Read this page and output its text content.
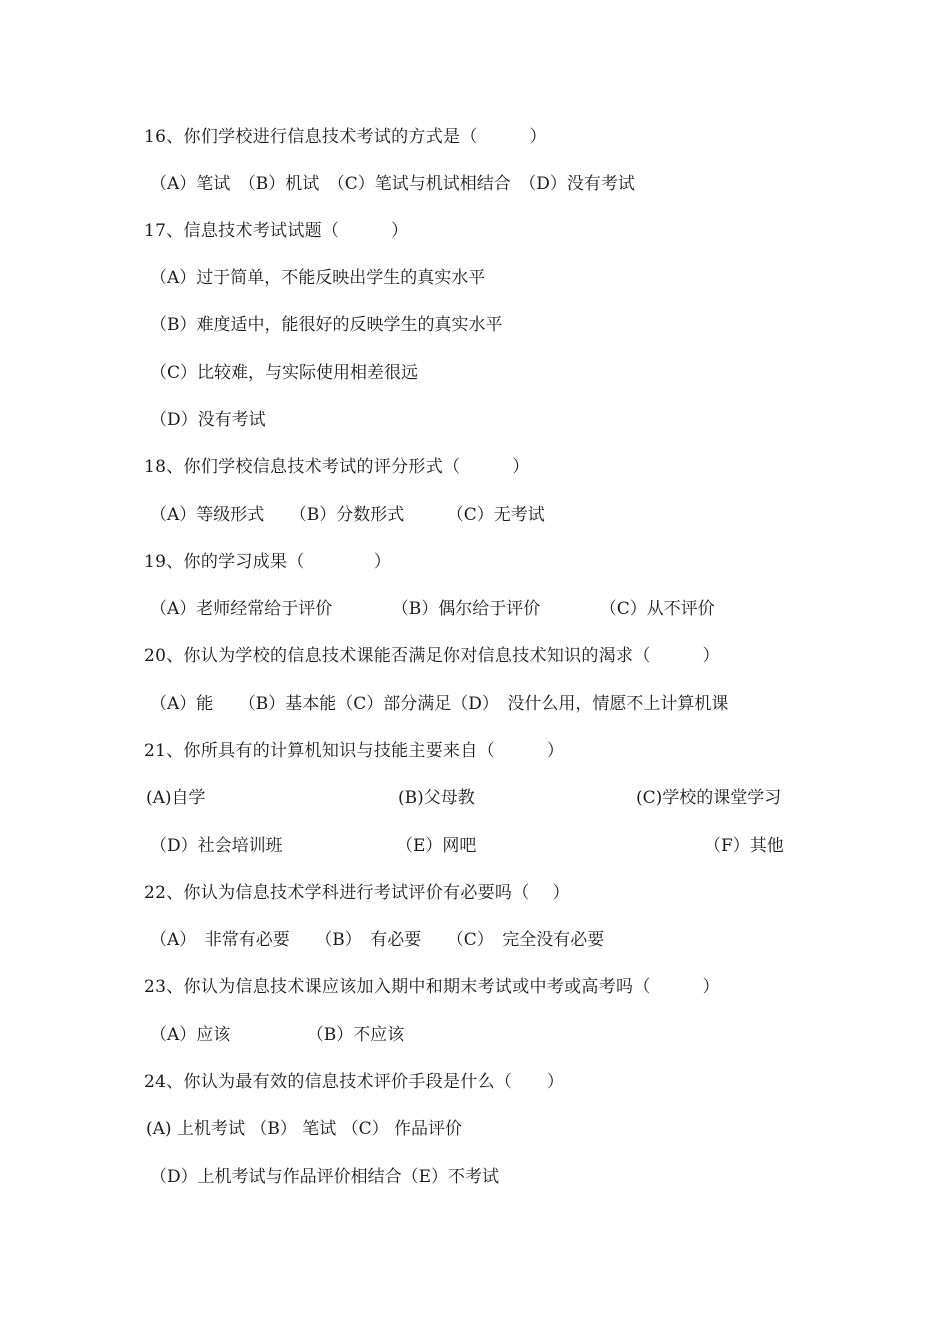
16、你们学校进行信息技术考试的方式是（　　　）
（A）笔试　（B）机试　（C）笔试与机试相结合　（D）没有考试
17、信息技术考试试题（　　　）
（A）过于简单，不能反映出学生的真实水平
（B）难度适中，能很好的反映学生的真实水平
（C）比较难，与实际使用相差很远
（D）没有考试
18、你们学校信息技术考试的评分形式（　　　）
（A）等级形式　　（B）分数形式　　　（C）无考试
19、你的学习成果（　　　　）
（A）老师经常给于评价　　　　（B）偶尔给于评价　　　　（C）从不评价
20、你认为学校的信息技术课能否满足你对信息技术知识的渴求（　　　）
（A）能　　（B）基本能（C）部分满足（D）　没什么用，情愿不上计算机课
21、你所具有的计算机知识与技能主要来自（　　　）
(A)自学	(B)父母教	(C)学校的课堂学习
（D）社会培训班	（E）网吧	（F）其他
22、你认为信息技术学科进行考试评价有必要吗（　 ）
（A）　非常有必要　　（B）　有必要　　（C）　完全没有必要
23、你认为信息技术课应该加入期中和期末考试或中考或高考吗（　　　）
（A）应该　　　　　（B）不应该
24、你认为最有效的信息技术评价手段是什么（　　）
(A) 上机考试 （B） 笔试 （C） 作品评价
（D）上机考试与作品评价相结合（E）不考试
